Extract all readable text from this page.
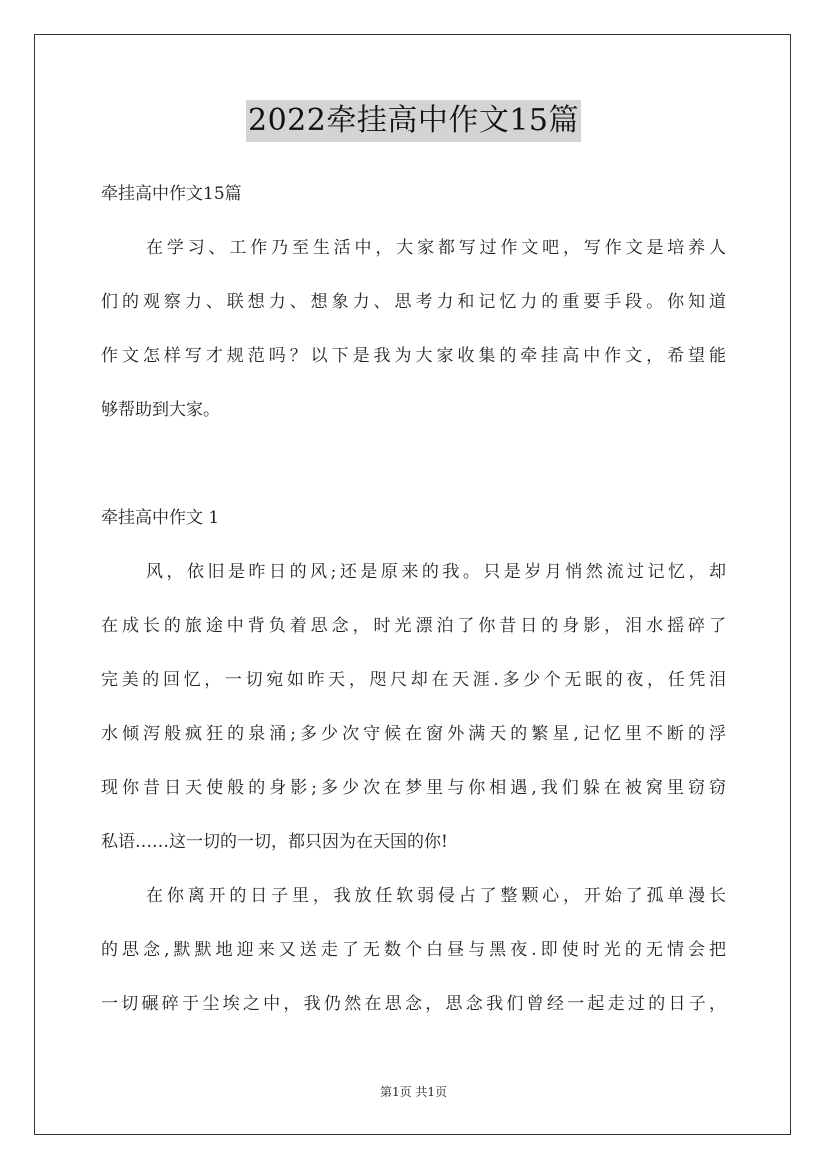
2022牵挂高中作文15篇
牵挂高中作文15篇
在学习、工作乃至生活中，大家都写过作文吧，写作文是培养人
们的观察力、联想力、想象力、思考力和记忆力的重要手段。你知道
作文怎样写才规范吗？以下是我为大家收集的牵挂高中作文，希望能
够帮助到大家。
牵挂高中作文 1
风，依旧是昨日的风;还是原来的我。只是岁月悄然流过记忆，却
在成长的旅途中背负着思念，时光漂泊了你昔日的身影，泪水摇碎了
完美的回忆，一切宛如昨天，咫尺却在天涯.多少个无眠的夜，任凭泪
水倾泻般疯狂的泉涌;多少次守候在窗外满天的繁星,记忆里不断的浮
现你昔日天使般的身影;多少次在梦里与你相遇,我们躲在被窝里窃窃
私语……这一切的一切，都只因为在天国的你!
在你离开的日子里，我放任软弱侵占了整颗心，开始了孤单漫长
的思念,默默地迎来又送走了无数个白昼与黑夜.即使时光的无情会把
一切碾碎于尘埃之中，我仍然在思念，思念我们曾经一起走过的日子，
第1页 共1页
